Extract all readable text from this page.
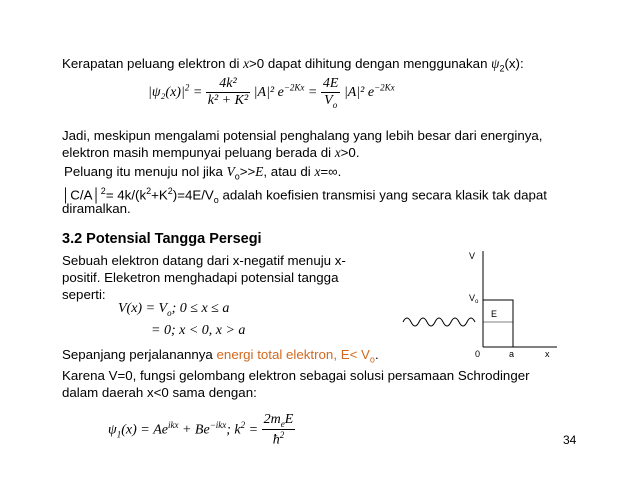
Kerapatan peluang elektron di x>0 dapat dihitung dengan menggunakan $\psi_2(x)$:
$|\psi_2(x)|^2 = \frac{\text{4k²}}{\text{k² + K²}} |A|^2$ $e^{-2Kx} = \frac{4E}{V_o} |A|^2$ $e^{-2Kx}$
Jadi, meskipun mengalami potensial penghalang yang lebih besar dari energinya,
elektron masih mempunyai peluang berada di x>0.
Peluang itu menuju nol jika $V_o>>E$, atau di x=∞.
│C/A│$^2$= $4k/(k^2+K^2)=4E/V_o$ adalah koefisien transmisi yang secara klasik tak dapat
diramalkan.
3.2 Potensial Tangga Persegi
Sebuah elektron datang dari x-negatif menuju x-
positif. Eleketron menghadapi potensial tangga
seperti:
$V(x) = V_o$; 0 ≤ x ≤ a
= 0; x < 0, x > a
Sepanjang perjalanannya energi total elektron, $E< V_o$.
Karena V=0, fungsi gelombang elektron sebagai solusi persamaan Schrodinger
dalam daerah x<0 sama dengan:
$\psi_1(x) = Ae^{ikx} + Be^{-ikx}$; $k^2 = \frac{2m_eE}{ħ^2}$
V
$V_o$
E
0	a	x
34
